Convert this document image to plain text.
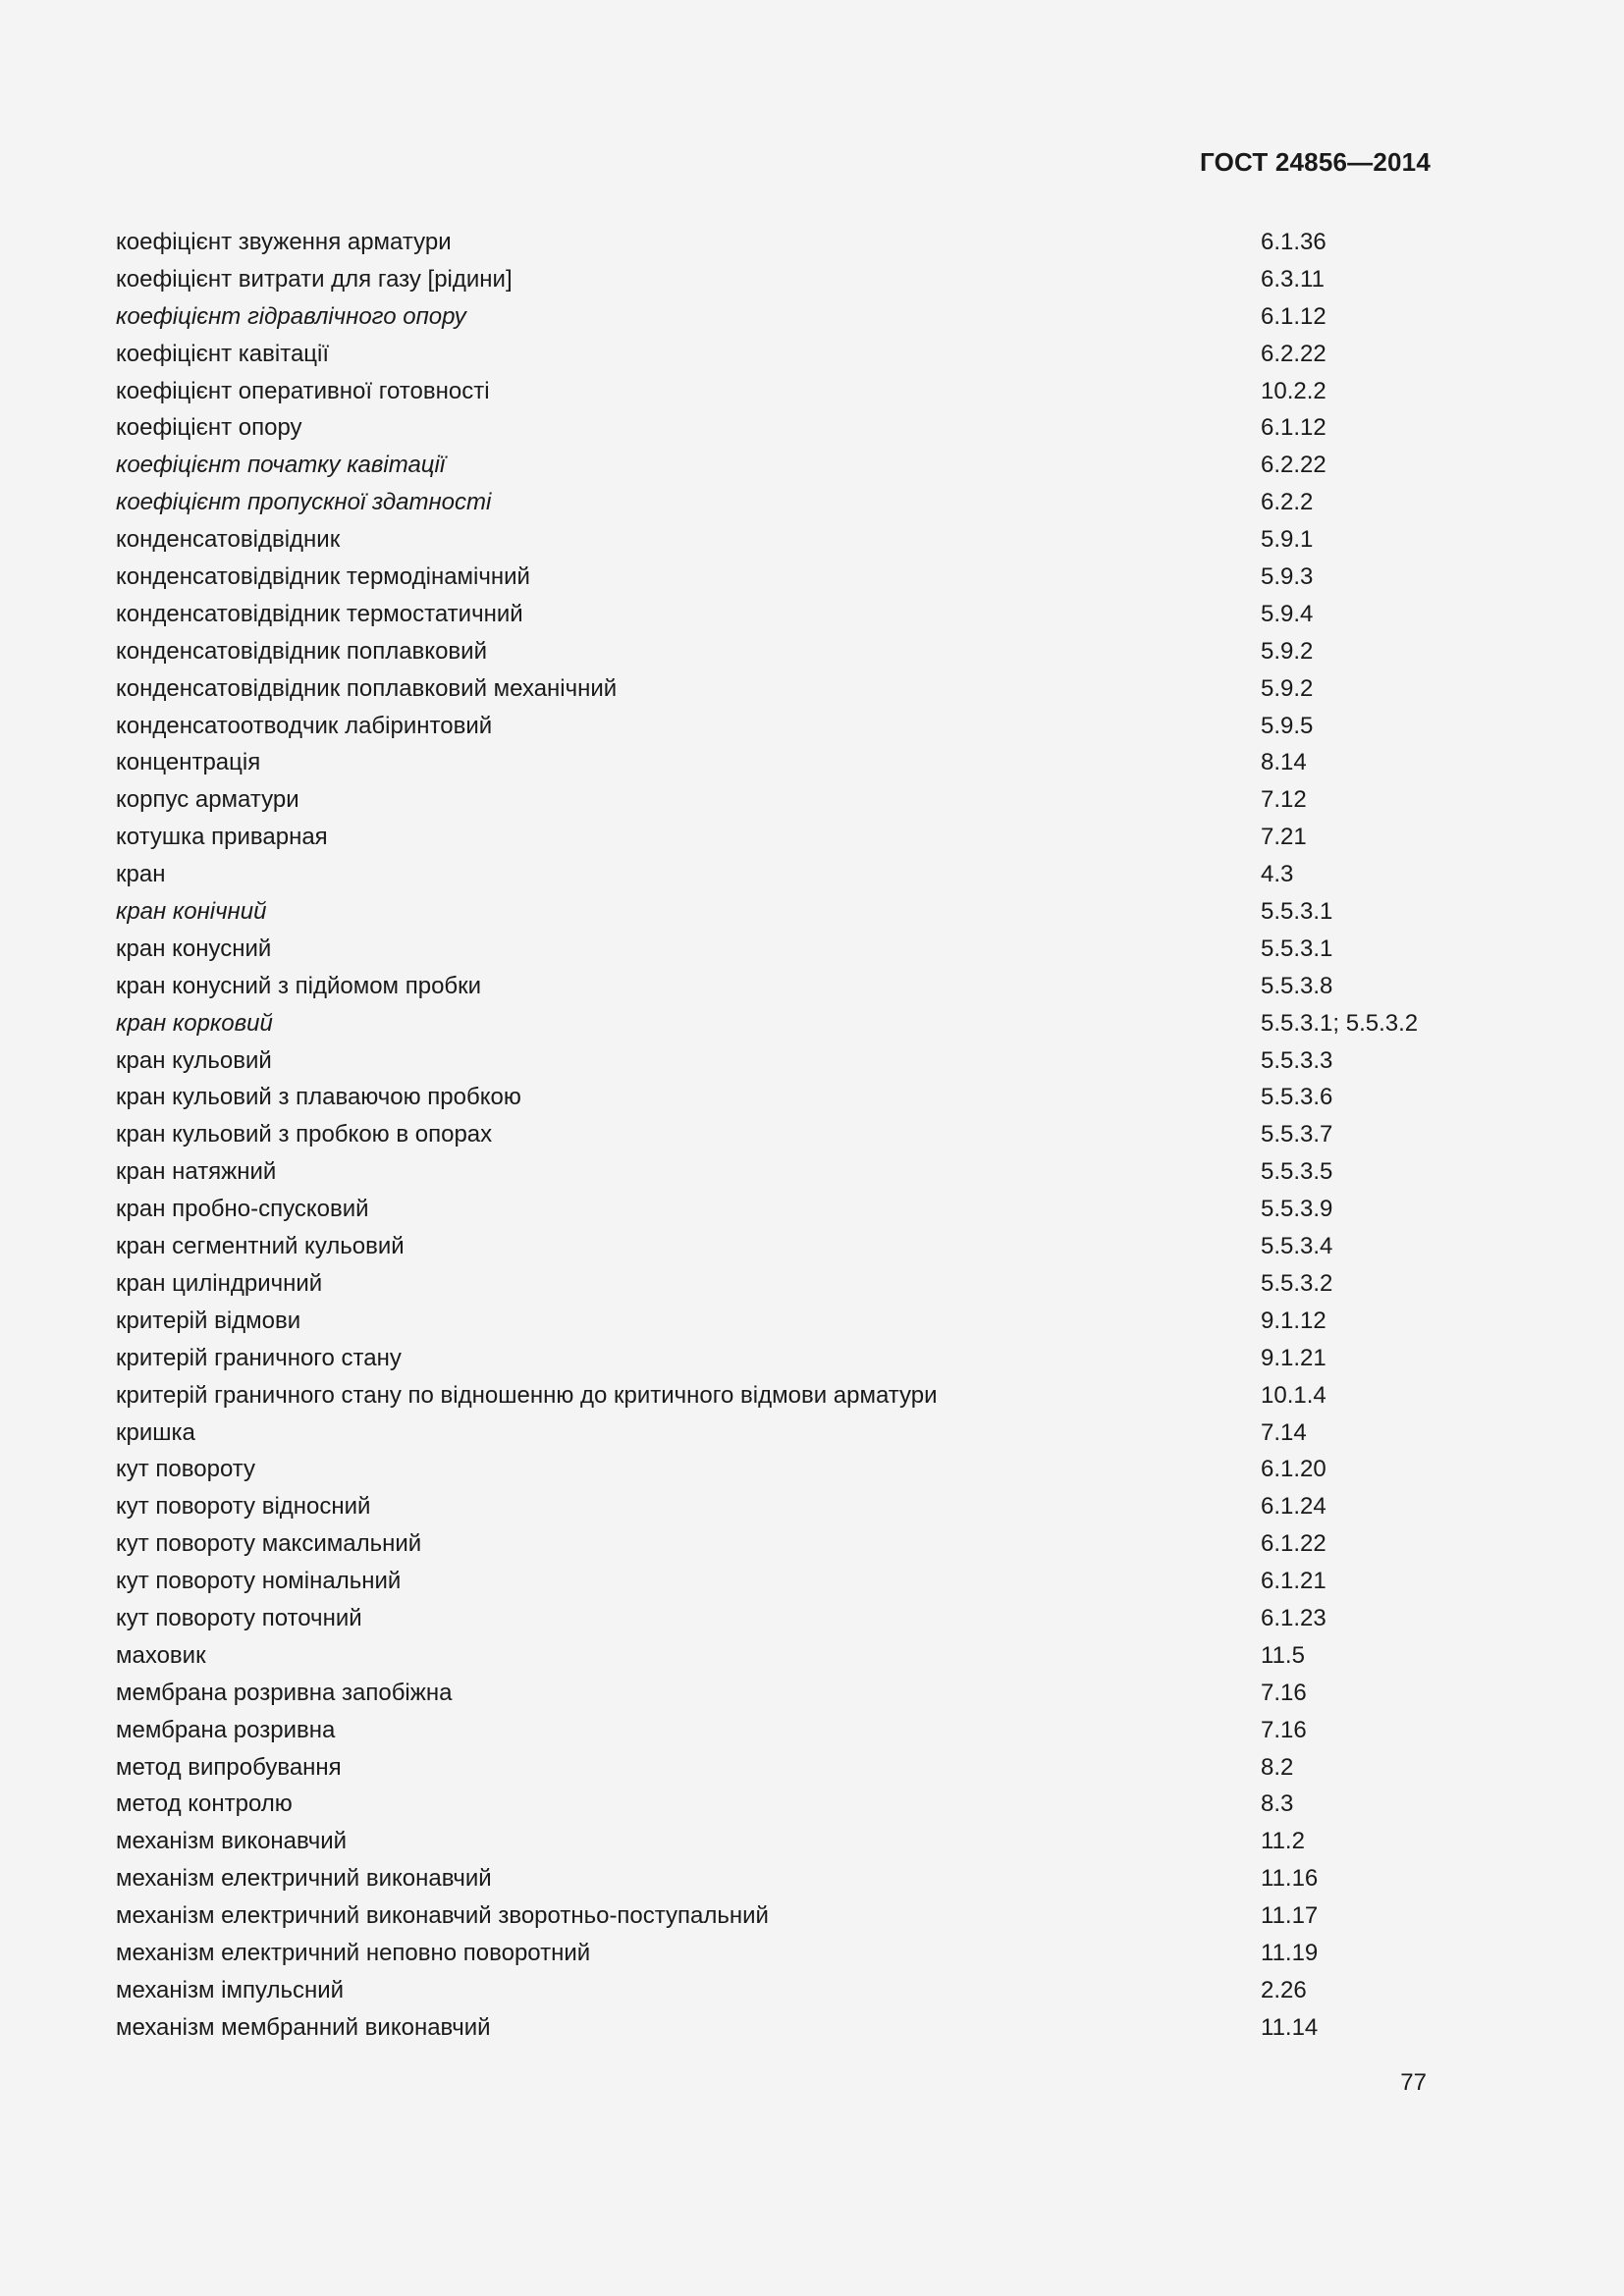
ГОСТ 24856—2014
коефіцієнт звуження арматури	6.1.36
коефіцієнт витрати для газу [рідини]	6.3.11
коефіцієнт гідравлічного опору	6.1.12
коефіцієнт кавітації	6.2.22
коефіцієнт оперативної готовності	10.2.2
коефіцієнт опору	6.1.12
коефіцієнт початку кавітації	6.2.22
коефіцієнт пропускної здатності	6.2.2
конденсатовідвідник	5.9.1
конденсатовідвідник термодінамічний	5.9.3
конденсатовідвідник термостатичний	5.9.4
конденсатовідвідник поплавковий	5.9.2
конденсатовідвідник поплавковий механічний	5.9.2
конденсатоотводчик лабіринтовий	5.9.5
концентрація	8.14
корпус арматури	7.12
котушка приварная	7.21
кран	4.3
кран конічний	5.5.3.1
кран конусний	5.5.3.1
кран конусний з підйомом пробки	5.5.3.8
кран корковий	5.5.3.1; 5.5.3.2
кран кульовий	5.5.3.3
кран кульовий з плаваючою пробкою	5.5.3.6
кран кульовий з пробкою в опорах	5.5.3.7
кран натяжний	5.5.3.5
кран пробно-спусковий	5.5.3.9
кран сегментний кульовий	5.5.3.4
кран циліндричний	5.5.3.2
критерій відмови	9.1.12
критерій граничного стану	9.1.21
критерій граничного стану по відношенню до критичного відмови арматури	10.1.4
кришка	7.14
кут повороту	6.1.20
кут повороту відносний	6.1.24
кут повороту максимальний	6.1.22
кут повороту номінальний	6.1.21
кут повороту поточний	6.1.23
маховик	11.5
мембрана розривна запобіжна	7.16
мембрана розривна	7.16
метод випробування	8.2
метод контролю	8.3
механізм виконавчий	11.2
механізм електричний виконавчий	11.16
механізм електричний виконавчий зворотньо-поступальний	11.17
механізм електричний неповно поворотний	11.19
механізм імпульсний	2.26
механізм мембранний виконавчий	11.14
77
